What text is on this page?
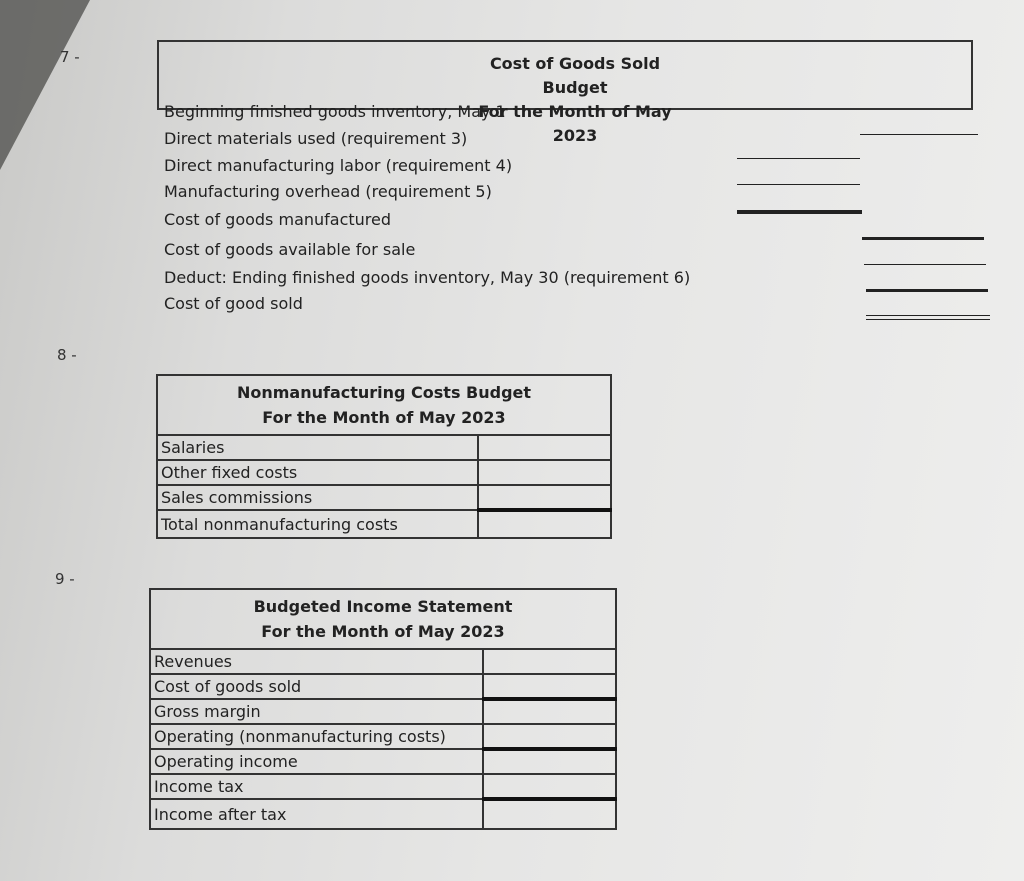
7 -
8 -
9 -
Cost of Goods Sold Budget
For the Month of May 2023
Beginning finished goods inventory, May 1
Direct materials used (requirement 3)
Direct manufacturing labor (requirement 4)
Manufacturing overhead (requirement 5)
Cost of goods manufactured
Cost of goods available for sale
Deduct: Ending finished goods inventory, May 30 (requirement 6)
Cost of good sold
Nonmanufacturing Costs Budget
For the Month of May 2023	

Salaries	
Other fixed costs	
Sales commissions	
Total nonmanufacturing costs	
Budgeted Income Statement
For the Month of May 2023	

Revenues	
Cost of goods sold	
Gross margin	
Operating (nonmanufacturing costs)	
Operating income	
Income tax	
Income after tax	
